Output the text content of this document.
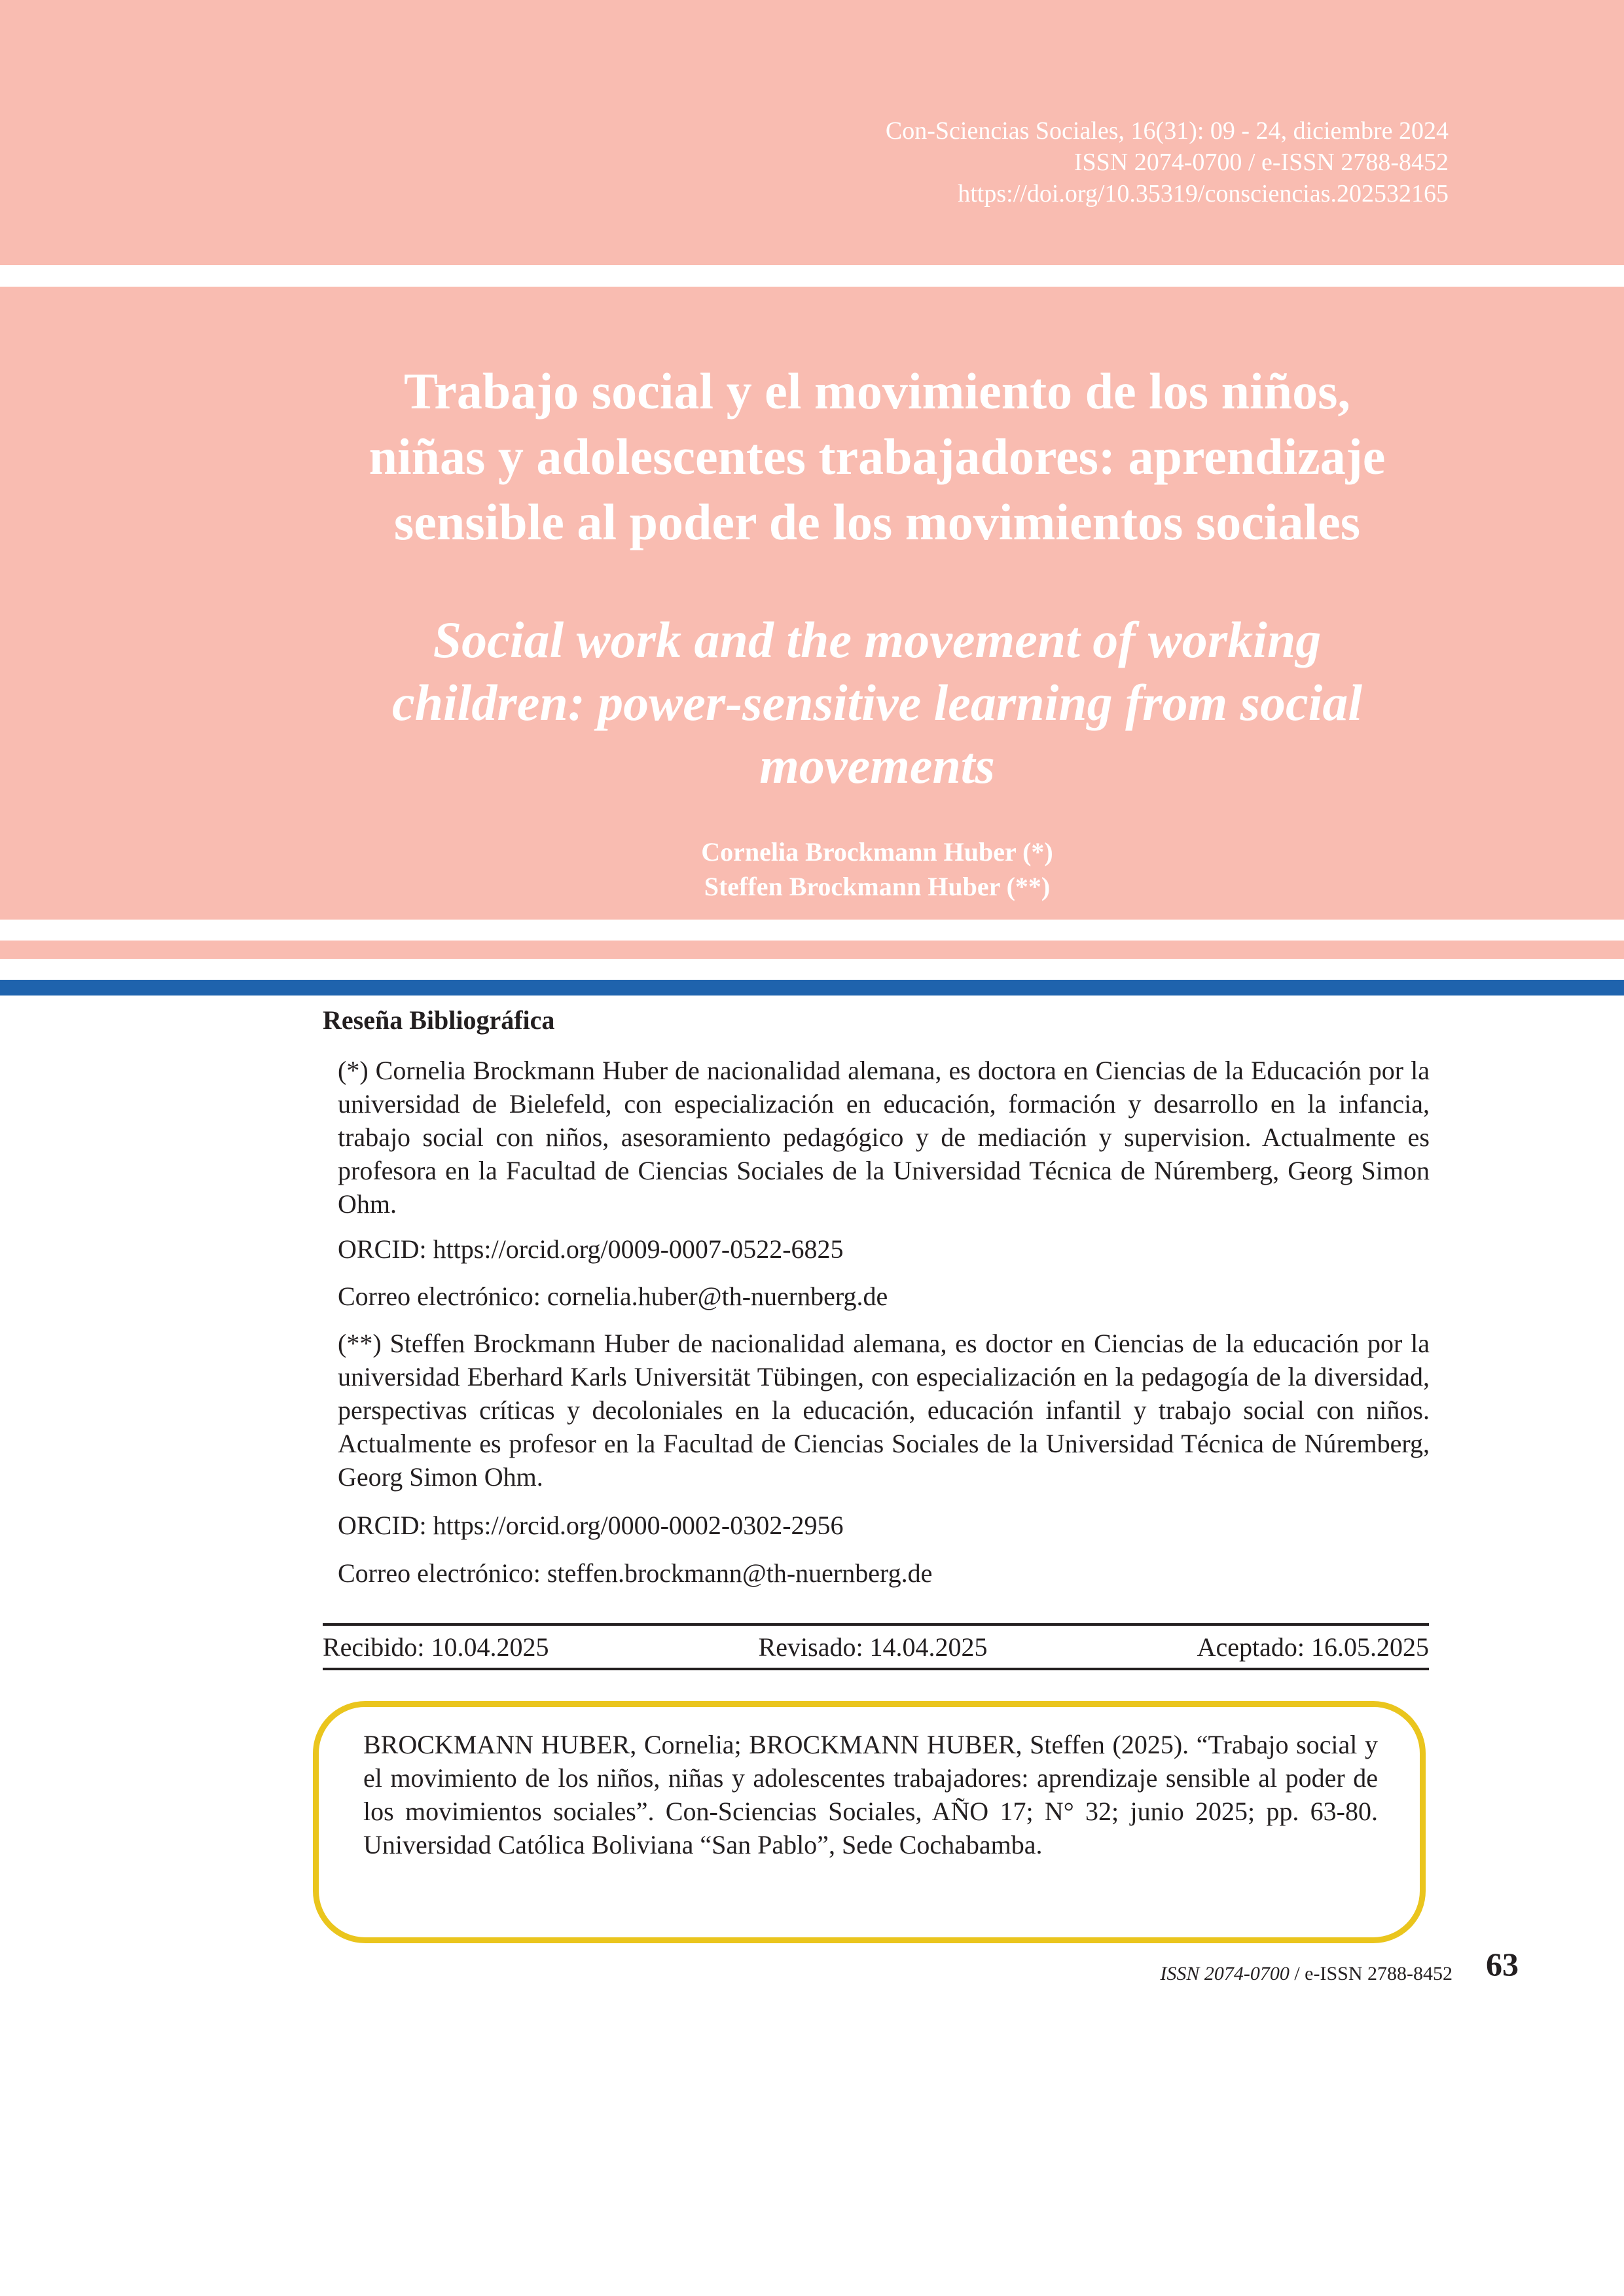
Con-Sciencias Sociales, 16(31): 09 - 24, diciembre 2024
ISSN 2074-0700 / e-ISSN 2788-8452
https://doi.org/10.35319/consciencias.202532165
Trabajo social y el movimiento de los niños,
niñas y adolescentes trabajadores: aprendizaje
sensible al poder de los movimientos sociales
Social work and the movement of working
children: power-sensitive learning from social
movements
Cornelia Brockmann Huber (*)
Steffen Brockmann Huber (**)
Reseña Bibliográfica

(*) Cornelia Brockmann Huber de nacionalidad alemana, es doctora en Ciencias de la Educación por la universidad de Bielefeld, con especialización en educación, formación y desarrollo en la infancia, trabajo social con niños, asesoramiento pedagógico y de mediación y supervision. Actualmente es profesora en la Facultad de Ciencias Sociales de la Universidad Técnica de Núremberg, Georg Simon Ohm.

ORCID: https://orcid.org/0009-0007-0522-6825
Correo electrónico: cornelia.huber@th-nuernberg.de

(**) Steffen Brockmann Huber de nacionalidad alemana, es doctor en Ciencias de la educación por la universidad Eberhard Karls Universität Tübingen, con especialización en la pedagogía de la diversidad, perspectivas críticas y decoloniales en la educación, educación infantil y trabajo social con niños. Actualmente es profesor en la Facultad de Ciencias Sociales de la Universidad Técnica de Núremberg, Georg Simon Ohm.

ORCID: https://orcid.org/0000-0002-0302-2956
Correo electrónico: steffen.brockmann@th-nuernberg.de
Recibido: 10.04.2025	Revisado: 14.04.2025	Aceptado: 16.05.2025

BROCKMANN HUBER, Cornelia; BROCKMANN HUBER, Steffen (2025). “Trabajo social y el movimiento de los niños, niñas y adolescentes trabajadores: aprendizaje sensible al poder de los movimientos sociales”. Con-Sciencias Sociales, AÑO 17; N° 32; junio 2025; pp. 63-80. Universidad Católica Boliviana “San Pablo”, Sede Cochabamba.

ISSN 2074-0700 / e-ISSN 2788-8452 63
